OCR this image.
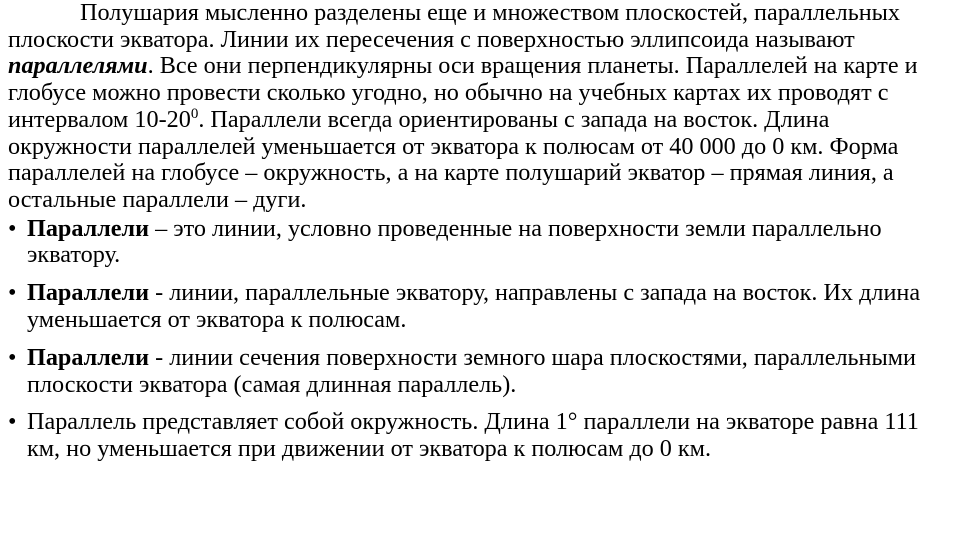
Полушария мысленно разделены еще и множеством плоскостей, параллельных плоскости экватора. Линии их пересечения с поверхностью эллипсоида называют параллелями. Все они перпендикулярны оси вращения планеты. Параллелей на карте и глобусе можно провести сколько угодно, но обычно на учебных картах их проводят с интервалом $10-20^0$. Параллели всегда ориентированы с запада на восток. Длина окружности параллелей уменьшается от экватора к полюсам от 40 000 до 0 км. Форма параллелей на глобусе – окружность, а на карте полушарий экватор – прямая линия, а остальные параллели – дуги.

• Параллели – это линии, условно проведенные на поверхности земли параллельно экватору.
• Параллели - линии, параллельные экватору, направлены с запада на восток. Их длина уменьшается от экватора к полюсам.
• Параллели - линии сечения поверхности земного шара плоскостями, параллельными плоскости экватора (самая длинная параллель).
• Параллель представляет собой окружность. Длина 1° параллели на экваторе равна 111 км, но уменьшается при движении от экватора к полюсам до 0 км.
